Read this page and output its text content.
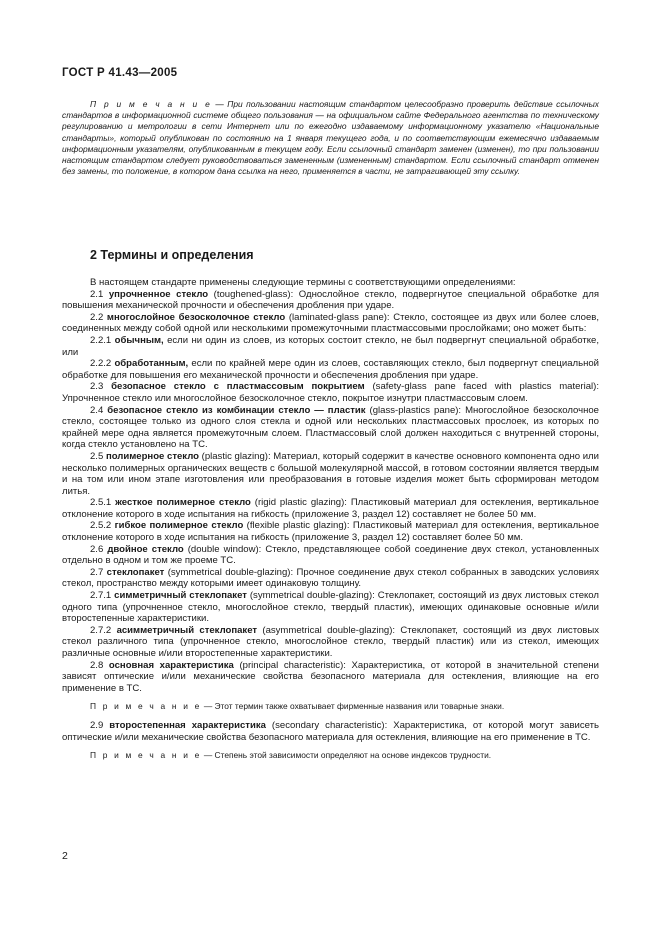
ГОСТ Р 41.43—2005
П р и м е ч а н и е — При пользовании настоящим стандартом целесообразно проверить действие ссылочных стандартов в информационной системе общего пользования — на официальном сайте Федерального агентства по техническому регулированию и метрологии в сети Интернет или по ежегодно издаваемому информационному указателю «Национальные стандарты», который опубликован по состоянию на 1 января текущего года, и по соответствующим ежемесячно издаваемым информационным указателям, опубликованным в текущем году. Если ссылочный стандарт заменен (изменен), то при пользовании настоящим стандартом следует руководствоваться замененным (измененным) стандартом. Если ссылочный стандарт отменен без замены, то положение, в котором дана ссылка на него, применяется в части, не затрагивающей эту ссылку.
2 Термины и определения

В настоящем стандарте применены следующие термины с соответствующими определениями:

2.1 упрочненное стекло (toughened-glass): Однослойное стекло, подвергнутое специальной обработке для повышения механической прочности и обеспечения дробления при ударе.

2.2 многослойное безосколочное стекло (laminated-glass pane): Стекло, состоящее из двух или более слоев, соединенных между собой одной или несколькими промежуточными пластмассовыми прослойками; оно может быть:

2.2.1 обычным, если ни один из слоев, из которых состоит стекло, не был подвергнут специальной обработке, или

2.2.2 обработанным, если по крайней мере один из слоев, составляющих стекло, был подвергнут специальной обработке для повышения его механической прочности и обеспечения дробления при ударе.

2.3 безопасное стекло с пластмассовым покрытием (safety-glass pane faced with plastics material): Упрочненное стекло или многослойное безосколочное стекло, покрытое изнутри пластмассовым слоем.

2.4 безопасное стекло из комбинации стекло — пластик (glass-plastics pane): Многослойное безосколочное стекло, состоящее только из одного слоя стекла и одной или нескольких пластмассовых прослоек, из которых по крайней мере одна является промежуточным слоем. Пластмассовый слой должен находиться с внутренней стороны, когда стекло установлено на ТС.

2.5 полимерное стекло (plastic glazing): Материал, который содержит в качестве основного компонента одно или несколько полимерных органических веществ с большой молекулярной массой, в готовом состоянии является твердым и на том или ином этапе изготовления или преобразования в готовые изделия может быть сформирован методом литья.

2.5.1 жесткое полимерное стекло (rigid plastic glazing): Пластиковый материал для остекления, вертикальное отклонение которого в ходе испытания на гибкость (приложение 3, раздел 12) составляет не более 50 мм.

2.5.2 гибкое полимерное стекло (flexible plastic glazing): Пластиковый материал для остекления, вертикальное отклонение которого в ходе испытания на гибкость (приложение 3, раздел 12) составляет более 50 мм.

2.6 двойное стекло (double window): Стекло, представляющее собой соединение двух стекол, установленных отдельно в одном и том же проеме ТС.

2.7 стеклопакет (symmetrical double-glazing): Прочное соединение двух стекол собранных в заводских условиях стекол, пространство между которыми имеет одинаковую толщину.

2.7.1 симметричный стеклопакет (symmetrical double-glazing): Стеклопакет, состоящий из двух листовых стекол одного типа (упрочненное стекло, многослойное стекло, твердый пластик), имеющих одинаковые основные и/или второстепенные характеристики.

2.7.2 асимметричный стеклопакет (asymmetrical double-glazing): Стеклопакет, состоящий из двух листовых стекол различного типа (упрочненное стекло, многослойное стекло, твердый пластик) или из стекол, имеющих различные основные и/или второстепенные характеристики.

2.8 основная характеристика (principal characteristic): Характеристика, от которой в значительной степени зависят оптические и/или механические свойства безопасного материала для остекления, влияющие на его применение в ТС.

П р и м е ч а н и е — Этот термин также охватывает фирменные названия или товарные знаки.

2.9 второстепенная характеристика (secondary characteristic): Характеристика, от которой могут зависеть оптические и/или механические свойства безопасного материала для остекления, влияющие на его применение в ТС.

П р и м е ч а н и е — Степень этой зависимости определяют на основе индексов трудности.

2
